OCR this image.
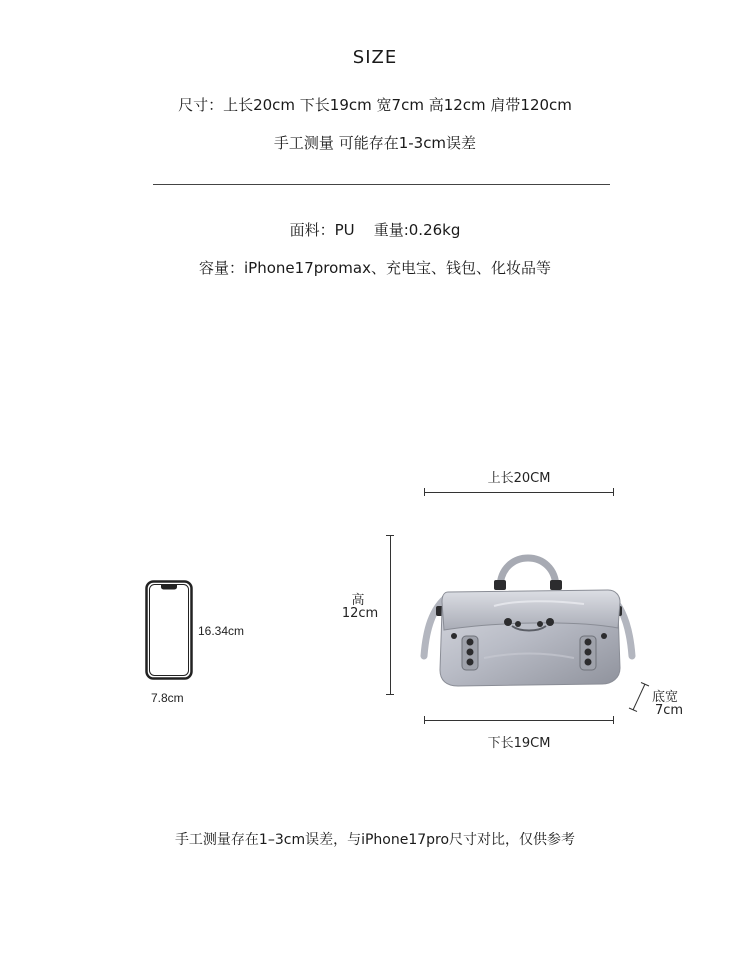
SIZE
尺寸：上长20cm 下长19cm 宽7cm 高12cm 肩带120cm
手工测量 可能存在1-3cm误差
面料：PU    重量:0.26kg
容量：iPhone17promax、充电宝、钱包、化妆品等
16.34cm
7.8cm
上长20CM
高
12cm
下长19CM
底宽
7cm
手工测量存在1–3cm误差，与iPhone17pro尺寸对比，仅供参考
